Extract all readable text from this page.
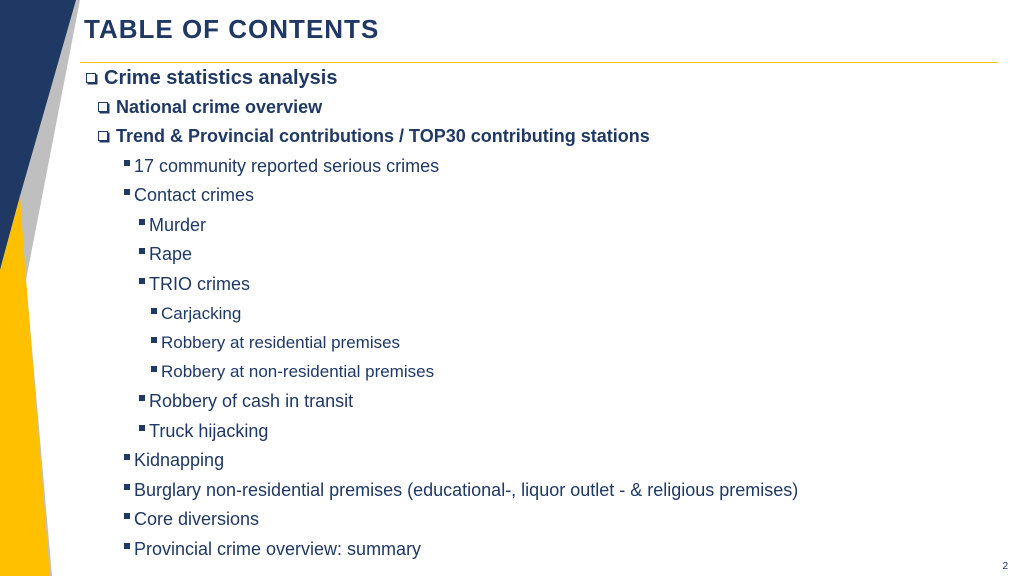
TABLE OF CONTENTS
Crime statistics analysis
National crime overview
Trend & Provincial contributions / TOP30 contributing stations
17 community reported serious crimes
Contact crimes
Murder
Rape
TRIO crimes
Carjacking
Robbery at residential premises
Robbery at non-residential premises
Robbery of cash in transit
Truck hijacking
Kidnapping
Burglary non-residential premises (educational-, liquor outlet - & religious premises)
Core diversions
Provincial crime overview: summary
2
